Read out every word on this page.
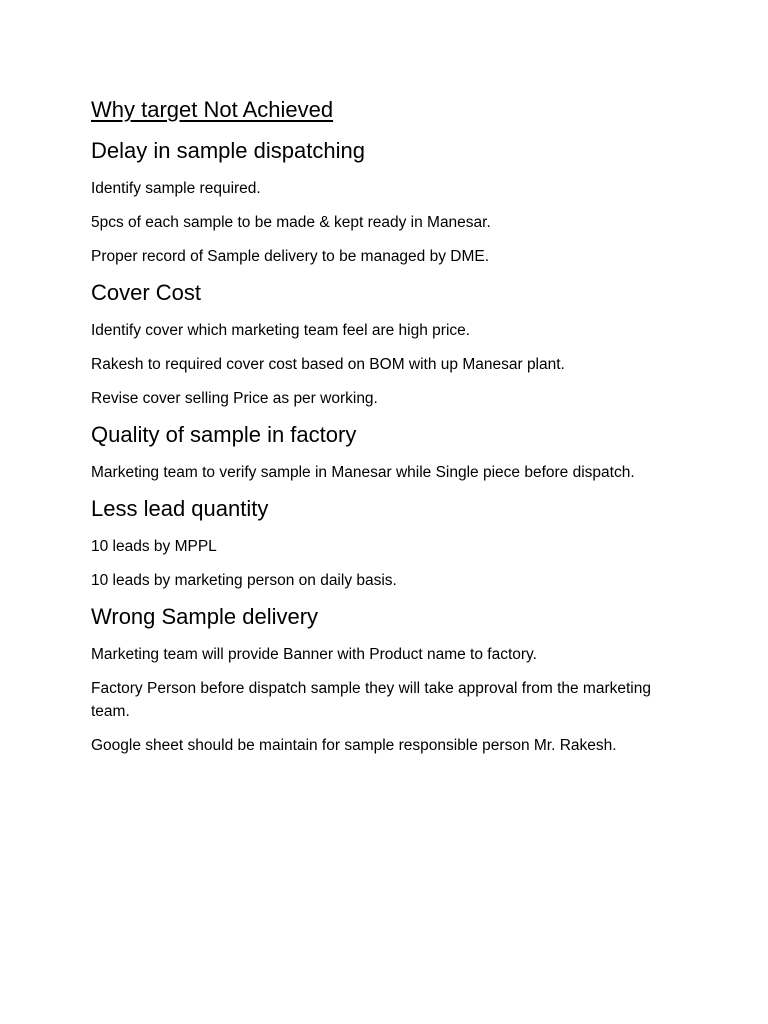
Why target Not Achieved
Delay in sample dispatching

Identify sample required.

5pcs of each sample to be made & kept ready in Manesar.

Proper record of Sample delivery to be managed by DME.

Cover Cost

Identify cover which marketing team feel are high price.

Rakesh to required cover cost based on BOM with up Manesar plant.

Revise cover selling Price as per working.

Quality of sample in factory

Marketing team to verify sample in Manesar while Single piece before dispatch.

Less lead quantity

10 leads by MPPL

10 leads by marketing person on daily basis.

Wrong Sample delivery

Marketing team will provide Banner with Product name to factory.

Factory Person before dispatch sample they will take approval from the marketing team.

Google sheet should be maintain for sample responsible person Mr. Rakesh.
